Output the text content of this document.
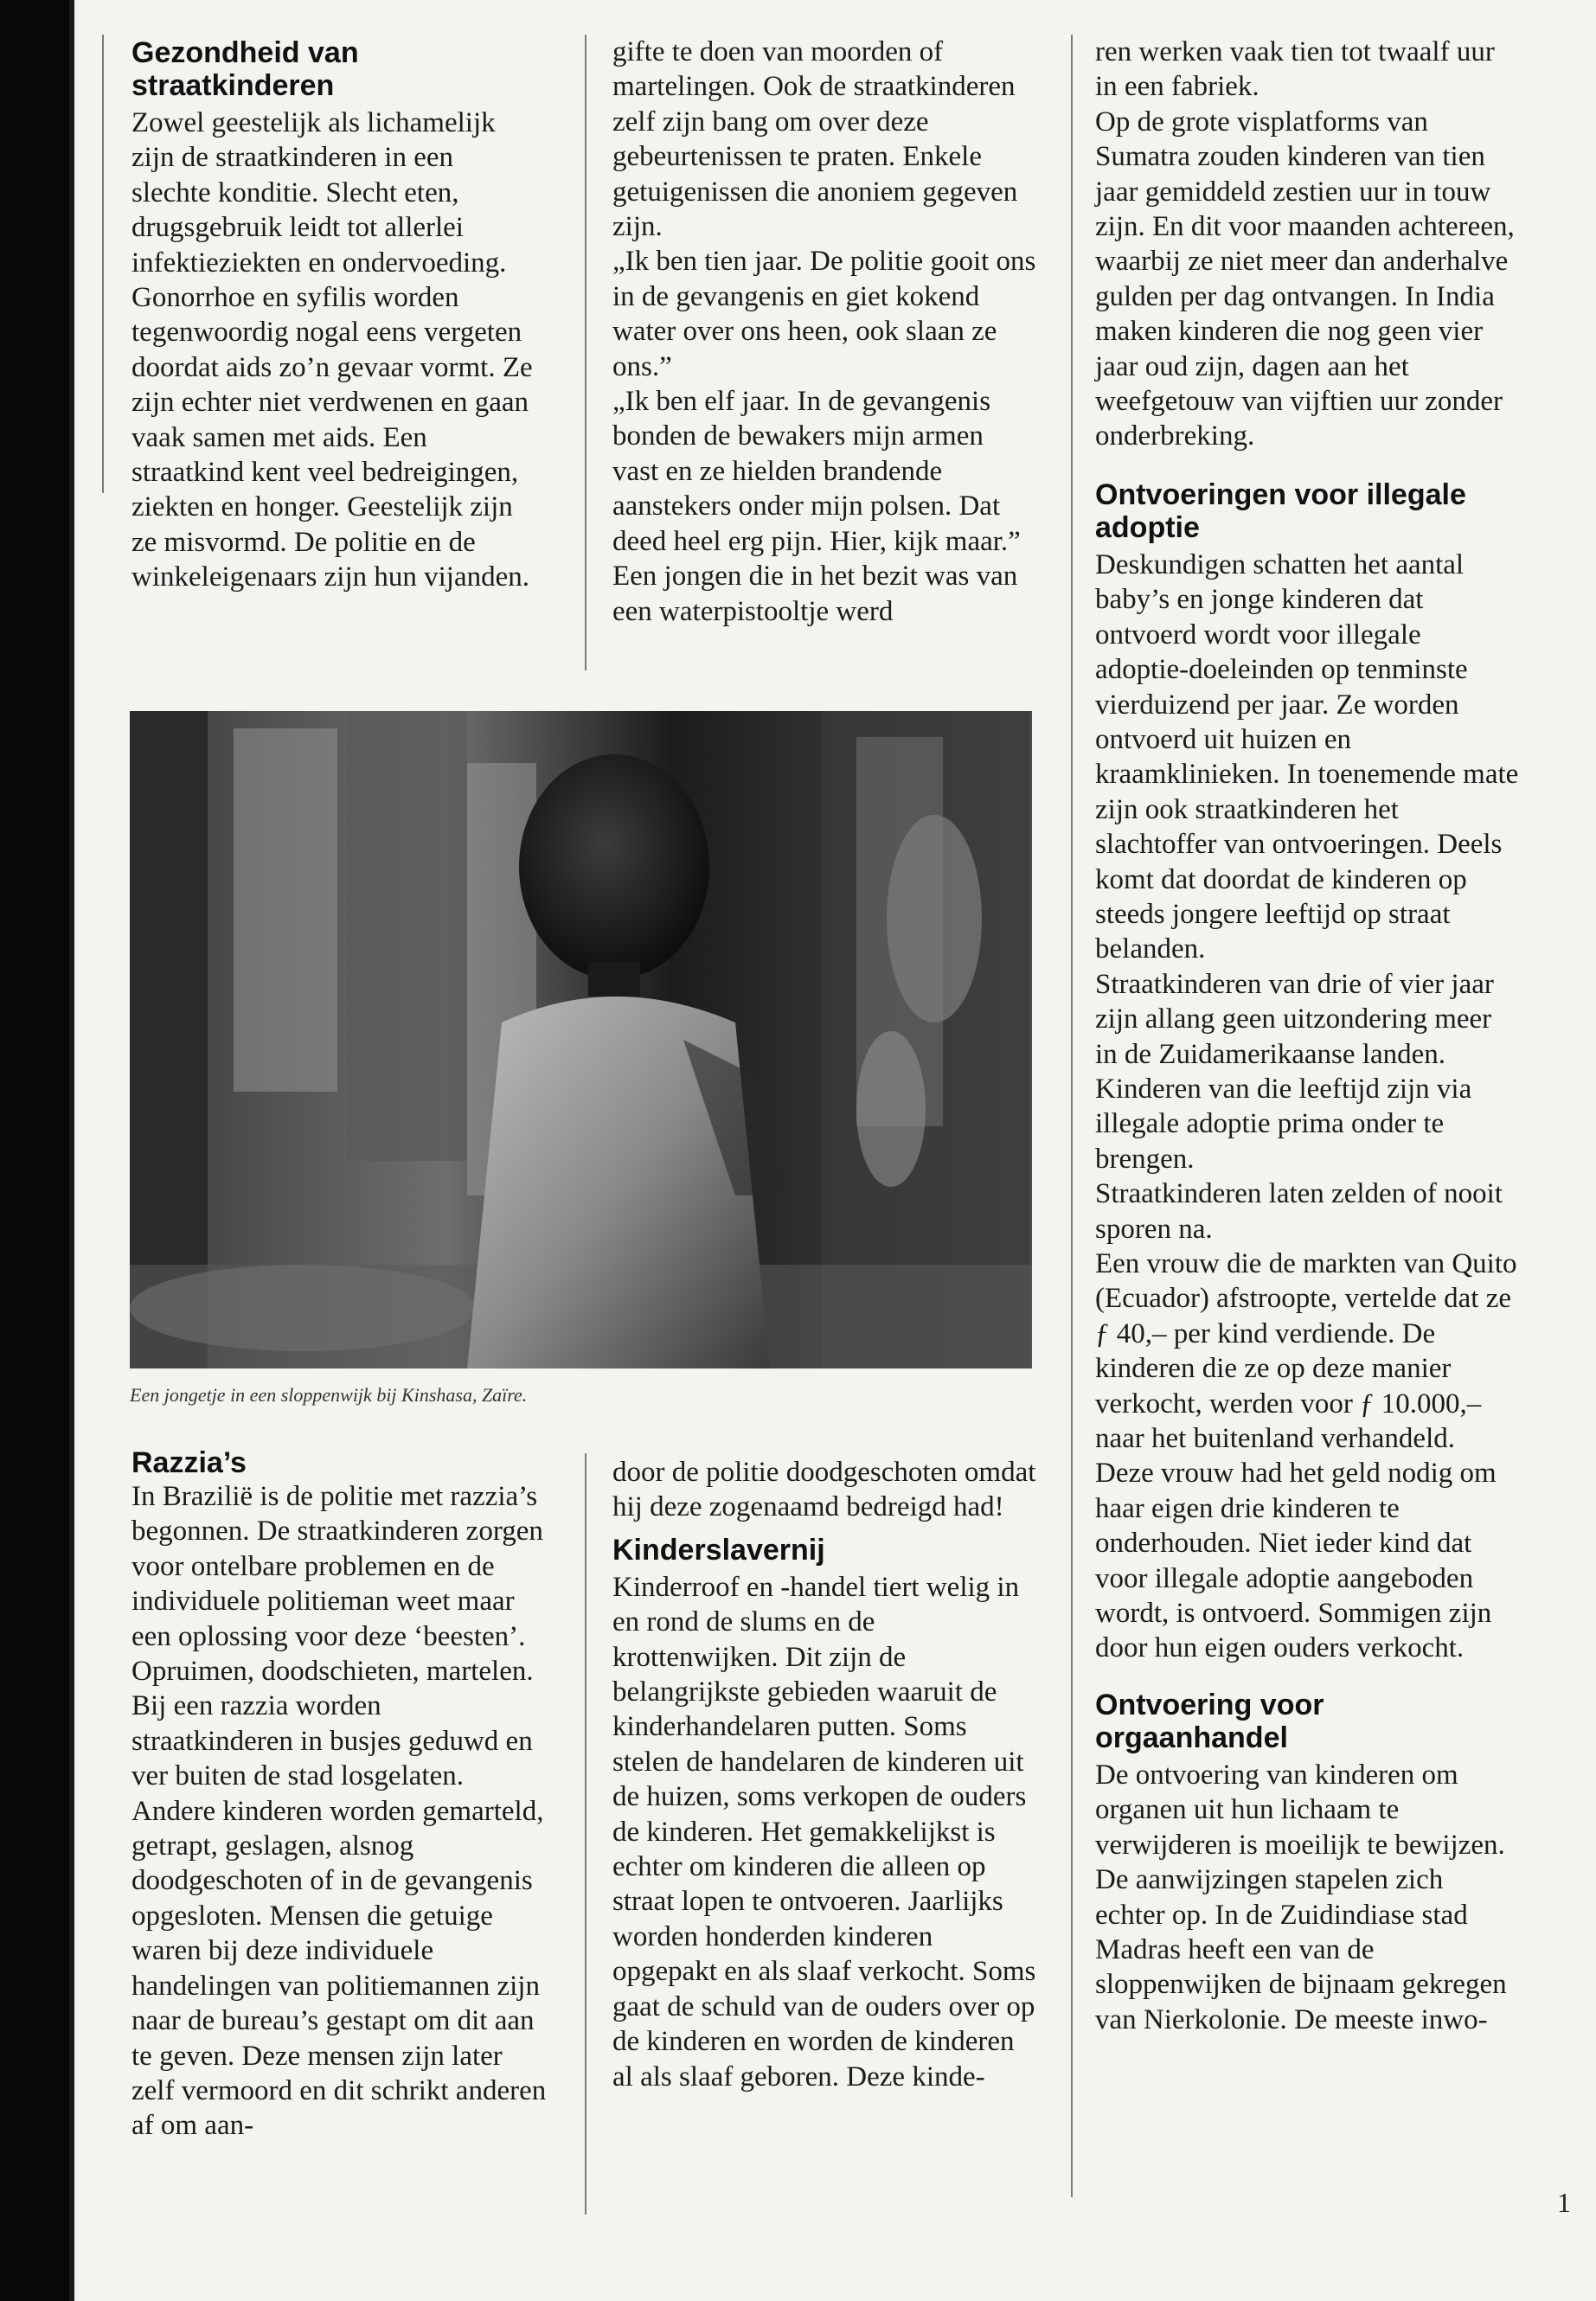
Gezondheid van straatkinderen

Zowel geestelijk als lichamelijk zijn de straatkinderen in een slechte konditie. Slecht eten, drugsgebruik leidt tot allerlei infektieziekten en ondervoeding. Gonorrhoe en syfilis worden tegenwoordig nogal eens vergeten doordat aids zo’n gevaar vormt. Ze zijn echter niet verdwenen en gaan vaak samen met aids. Een straatkind kent veel bedreigingen, ziekten en honger. Geestelijk zijn ze misvormd. De politie en de winkeleigenaars zijn hun vijanden.

gifte te doen van moorden of martelingen. Ook de straatkinderen zelf zijn bang om over deze gebeurtenissen te praten. Enkele getuigenissen die anoniem gegeven zijn.

„Ik ben tien jaar. De politie gooit ons in de gevangenis en giet kokend water over ons heen, ook slaan ze ons.”

„Ik ben elf jaar. In de gevangenis bonden de bewakers mijn armen vast en ze hielden brandende aanstekers onder mijn polsen. Dat deed heel erg pijn. Hier, kijk maar.”

Een jongen die in het bezit was van een waterpistooltje werd

Een jongetje in een sloppenwijk bij Kinshasa, Zaïre.
Razzia’s

In Brazilië is de politie met razzia’s begonnen. De straatkinderen zorgen voor ontelbare problemen en de individuele politieman weet maar een oplossing voor deze ‘beesten’. Opruimen, doodschieten, martelen. Bij een razzia worden straatkinderen in busjes geduwd en ver buiten de stad losgelaten. Andere kinderen worden gemarteld, getrapt, geslagen, alsnog doodgeschoten of in de gevangenis opgesloten. Mensen die getuige waren bij deze individuele handelingen van politiemannen zijn naar de bureau’s gestapt om dit aan te geven. Deze mensen zijn later zelf vermoord en dit schrikt anderen af om aan-

door de politie doodgeschoten omdat hij deze zogenaamd bedreigd had!

Kinderslavernij

Kinderroof en -handel tiert welig in en rond de slums en de krottenwijken. Dit zijn de belangrijkste gebieden waaruit de kinderhandelaren putten. Soms stelen de handelaren de kinderen uit de huizen, soms verkopen de ouders de kinderen. Het gemakkelijkst is echter om kinderen die alleen op straat lopen te ontvoeren. Jaarlijks worden honderden kinderen opgepakt en als slaaf verkocht. Soms gaat de schuld van de ouders over op de kinderen en worden de kinderen al als slaaf geboren. Deze kinde-

ren werken vaak tien tot twaalf uur in een fabriek.

Op de grote visplatforms van Sumatra zouden kinderen van tien jaar gemiddeld zestien uur in touw zijn. En dit voor maanden achtereen, waarbij ze niet meer dan anderhalve gulden per dag ontvangen. In India maken kinderen die nog geen vier jaar oud zijn, dagen aan het weefgetouw van vijftien uur zonder onderbreking.

Ontvoeringen voor illegale adoptie

Deskundigen schatten het aantal baby’s en jonge kinderen dat ontvoerd wordt voor illegale adoptie-doeleinden op tenminste vierduizend per jaar. Ze worden ontvoerd uit huizen en kraamklinieken. In toenemende mate zijn ook straatkinderen het slachtoffer van ontvoeringen. Deels komt dat doordat de kinderen op steeds jongere leeftijd op straat belanden.

Straatkinderen van drie of vier jaar zijn allang geen uitzondering meer in de Zuidamerikaanse landen. Kinderen van die leeftijd zijn via illegale adoptie prima onder te brengen.

Straatkinderen laten zelden of nooit sporen na.

Een vrouw die de markten van Quito (Ecuador) afstroopte, vertelde dat ze ƒ 40,– per kind verdiende. De kinderen die ze op deze manier verkocht, werden voor ƒ 10.000,– naar het buitenland verhandeld. Deze vrouw had het geld nodig om haar eigen drie kinderen te onderhouden. Niet ieder kind dat voor illegale adoptie aangeboden wordt, is ontvoerd. Sommigen zijn door hun eigen ouders verkocht.

Ontvoering voor orgaanhandel

De ontvoering van kinderen om organen uit hun lichaam te verwijderen is moeilijk te bewijzen. De aanwijzingen stapelen zich echter op. In de Zuidindiase stad Madras heeft een van de sloppenwijken de bijnaam gekregen van Nierkolonie. De meeste inwo-

1
